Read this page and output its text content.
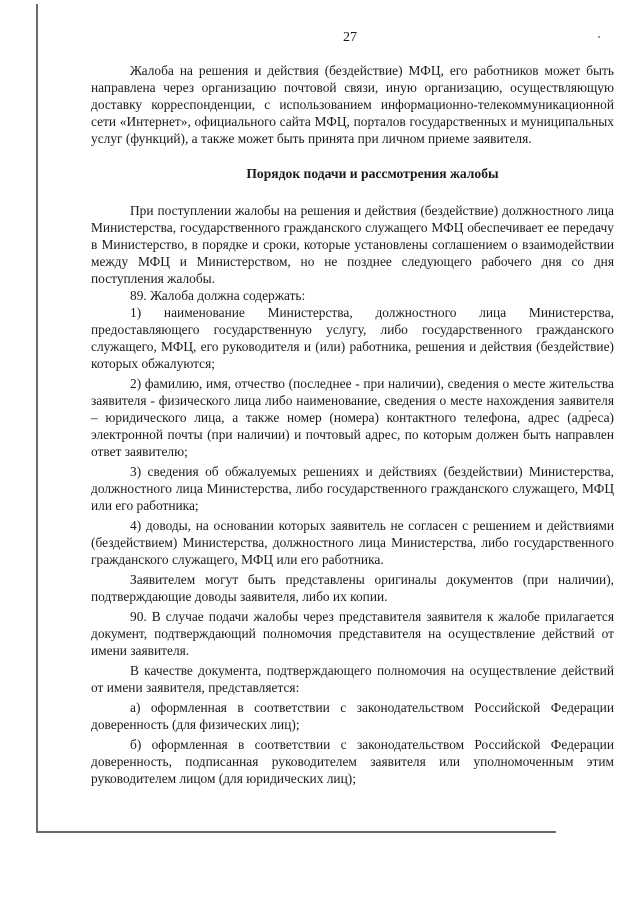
27

Жалоба на решения и действия (бездействие) МФЦ, его работников может быть направлена через организацию почтовой связи, иную организацию, осуществляющую доставку корреспонденции, с использованием информационно-телекоммуникационной сети «Интернет», официального сайта МФЦ, порталов государственных и муниципальных услуг (функций), а также может быть принята при личном приеме заявителя.

Порядок подачи и рассмотрения жалобы

При поступлении жалобы на решения и действия (бездействие) должностного лица Министерства, государственного гражданского служащего МФЦ обеспечивает ее передачу в Министерство, в порядке и сроки, которые установлены соглашением о взаимодействии между МФЦ и Министерством, но не позднее следующего рабочего дня со дня поступления жалобы.

89. Жалоба должна содержать:

1) наименование Министерства, должностного лица Министерства, предоставляющего государственную услугу, либо государственного гражданского служащего, МФЦ, его руководителя и (или) работника, решения и действия (бездействие) которых обжалуются;

2) фамилию, имя, отчество (последнее - при наличии), сведения о месте жительства заявителя - физического лица либо наименование, сведения о месте нахождения заявителя – юридического лица, а также номер (номера) контактного телефона, адрес (адреса) электронной почты (при наличии) и почтовый адрес, по которым должен быть направлен ответ заявителю;

3) сведения об обжалуемых решениях и действиях (бездействии) Министерства, должностного лица Министерства, либо государственного гражданского служащего, МФЦ или его работника;

4) доводы, на основании которых заявитель не согласен с решением и действиями (бездействием) Министерства, должностного лица Министерства, либо государственного гражданского служащего, МФЦ или его работника.

Заявителем могут быть представлены оригиналы документов (при наличии), подтверждающие доводы заявителя, либо их копии.

90. В случае подачи жалобы через представителя заявителя к жалобе прилагается документ, подтверждающий полномочия представителя на осуществление действий от имени заявителя.

В качестве документа, подтверждающего полномочия на осуществление действий от имени заявителя, представляется:

а) оформленная в соответствии с законодательством Российской Федерации доверенность (для физических лиц);

б) оформленная в соответствии с законодательством Российской Федерации доверенность, подписанная руководителем заявителя или уполномоченным этим руководителем лицом (для юридических лиц);
